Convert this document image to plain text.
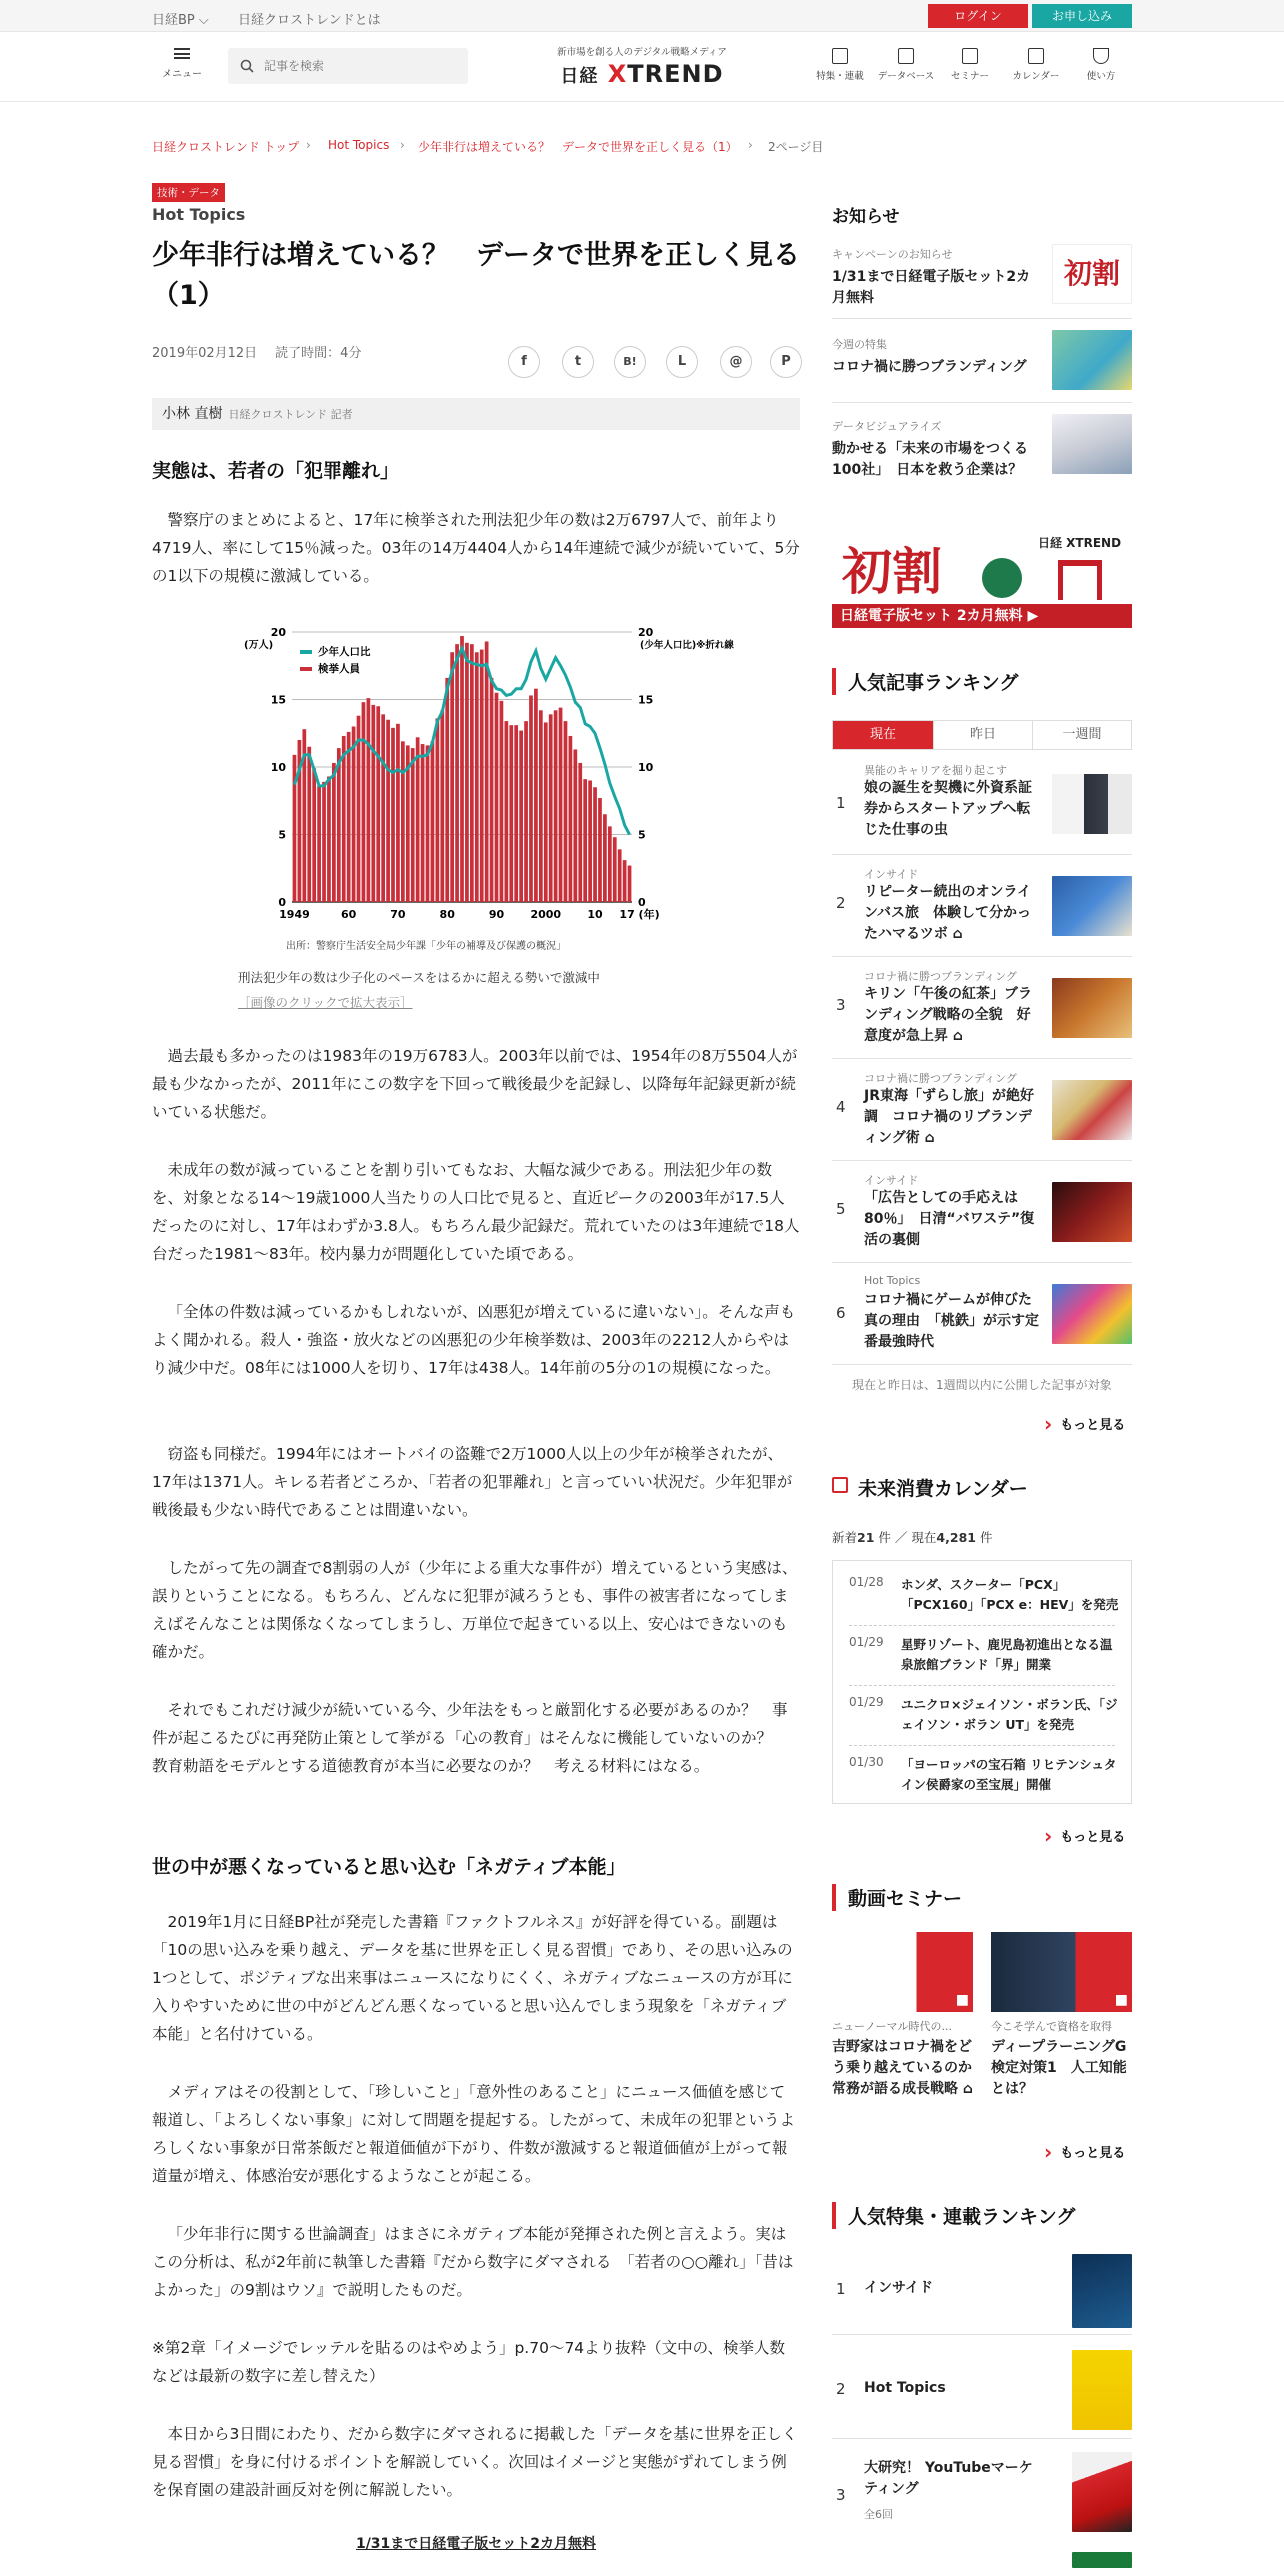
日経BP ⌵ 日経クロストレンドとは	ログイン	お申し込み
メニュー
記事を検索
新市場を創る人のデジタル戦略メディア
日経 XTREND	特集・連載	データベース	セミナー	カレンダー	使い方
日経クロストレンド トップ › Hot Topics › 少年非行は増えている？　データで世界を正しく見る（1） › 2ページ目
技術・データ
Hot Topics
少年非行は増えている？　データで世界を正しく見る（1）
2019年02月12日 読了時間：4分
f	t	B!	L	@	P
小林 直樹 日経クロストレンド 記者
実態は、若者の「犯罪離れ」

警察庁のまとめによると、17年に検挙された刑法犯少年の数は2万6797人で、前年より4719人、率にして15％減った。03年の14万4404人から14年連続で減少が続いていて、5分の1以下の規模に激減している。

0	0
5	5
10	10
15	15
20	20
1949	60	70	80	90 2000 10 17 (年)
(万人)	(少年人口比)※折れ線
少年人口比
検挙人員
出所：警察庁生活安全局少年課「少年の補導及び保護の概況」
刑法犯少年の数は少子化のペースをはるかに超える勢いで激減中
［画像のクリックで拡大表示］

過去最も多かったのは1983年の19万6783人。2003年以前では、1954年の8万5504人が最も少なかったが、2011年にこの数字を下回って戦後最少を記録し、以降毎年記録更新が続いている状態だ。

未成年の数が減っていることを割り引いてもなお、大幅な減少である。刑法犯少年の数を、対象となる14～19歳1000人当たりの人口比で見ると、直近ピークの2003年が17.5人だったのに対し、17年はわずか3.8人。もちろん最少記録だ。荒れていたのは3年連続で18人台だった1981～83年。校内暴力が問題化していた頃である。

「全体の件数は減っているかもしれないが、凶悪犯が増えているに違いない」。そんな声もよく聞かれる。殺人・強盗・放火などの凶悪犯の少年検挙数は、2003年の2212人からやはり減少中だ。08年には1000人を切り、17年は438人。14年前の5分の1の規模になった。

窃盗も同様だ。1994年にはオートバイの盗難で2万1000人以上の少年が検挙されたが、17年は1371人。キレる若者どころか、「若者の犯罪離れ」と言っていい状況だ。少年犯罪が戦後最も少ない時代であることは間違いない。

したがって先の調査で8割弱の人が（少年による重大な事件が）増えているという実感は、誤りということになる。もちろん、どんなに犯罪が減ろうとも、事件の被害者になってしまえばそんなことは関係なくなってしまうし、万単位で起きている以上、安心はできないのも確かだ。

それでもこれだけ減少が続いている今、少年法をもっと厳罰化する必要があるのか？　事件が起こるたびに再発防止策として挙がる「心の教育」はそんなに機能していないのか？　教育勅語をモデルとする道徳教育が本当に必要なのか？　考える材料にはなる。

世の中が悪くなっていると思い込む「ネガティブ本能」

2019年1月に日経BP社が発売した書籍『ファクトフルネス』が好評を得ている。副題は「10の思い込みを乗り越え、データを基に世界を正しく見る習慣」であり、その思い込みの1つとして、ポジティブな出来事はニュースになりにくく、ネガティブなニュースの方が耳に入りやすいために世の中がどんどん悪くなっていると思い込んでしまう現象を「ネガティブ本能」と名付けている。

メディアはその役割として、「珍しいこと」「意外性のあること」にニュース価値を感じて報道し、「よろしくない事象」に対して問題を提起する。したがって、未成年の犯罪というよろしくない事象が日常茶飯だと報道価値が下がり、件数が激減すると報道価値が上がって報道量が増え、体感治安が悪化するようなことが起こる。

「少年非行に関する世論調査」はまさにネガティブ本能が発揮された例と言えよう。実はこの分析は、私が2年前に執筆した書籍『だから数字にダマされる　「若者の○○離れ」「昔はよかった」の9割はウソ』で説明したものだ。

※第2章「イメージでレッテルを貼るのはやめよう」p.70～74より抜粋（文中の、検挙人数などは最新の数字に差し替えた）

本日から3日間にわたり、だから数字にダマされるに掲載した「データを基に世界を正しく見る習慣」を身に付けるポイントを解説していく。次回はイメージと実態がずれてしまう例を保育園の建設計画反対を例に解説したい。

1/31まで日経電子版セット2カ月無料
お知らせ
キャンペーンのお知らせ
1/31まで日経電子版セット2カ月無料
初割
今週の特集
コロナ禍に勝つブランディング
データビジュアライズ
動かせる「未来の市場をつくる100社」　日本を救う企業は？
初割	日経 XTREND
日経電子版セット 2カ月無料 ▶
人気記事ランキング
現在	昨日	一週間
1
異能のキャリアを掘り起こす
娘の誕生を契機に外資系証券からスタートアップへ転じた仕事の虫
2
インサイド
リピーター続出のオンラインバス旅　体験して分かったハマるツボ ⌂
3
コロナ禍に勝つブランディング
キリン「午後の紅茶」ブランディング戦略の全貌　好意度が急上昇 ⌂
4
コロナ禍に勝つブランディング
JR東海「ずらし旅」が絶好調　コロナ禍のリブランディング術 ⌂
5
インサイド
「広告としての手応えは80％」　日清“バワステ”復活の裏側
6
Hot Topics
コロナ禍にゲームが伸びた真の理由　「桃鉄」が示す定番最強時代
現在と昨日は、1週間以内に公開した記事が対象
› もっと見る
未来消費カレンダー
新着21 件 ／ 現在4,281 件
01/28 ホンダ、スクーター「PCX」「PCX160」「PCX e：HEV」を発売
01/29 星野リゾート、鹿児島初進出となる温泉旅館ブランド「界」開業
01/29 ユニクロ×ジェイソン・ボラン氏、「ジェイソン・ボラン UT」を発売
01/30 「ヨーロッパの宝石箱 リヒテンシュタイン侯爵家の至宝展」開催
› もっと見る
動画セミナー
■
ニューノーマル時代の...
吉野家はコロナ禍をどう乗り越えているのか　常務が語る成長戦略 ⌂
■
今こそ学んで資格を取得
ディープラーニングG検定対策1　人工知能とは？
› もっと見る
人気特集・連載ランキング
1 インサイド
2 Hot Topics
3
大研究！ YouTubeマーケティング
全6回
